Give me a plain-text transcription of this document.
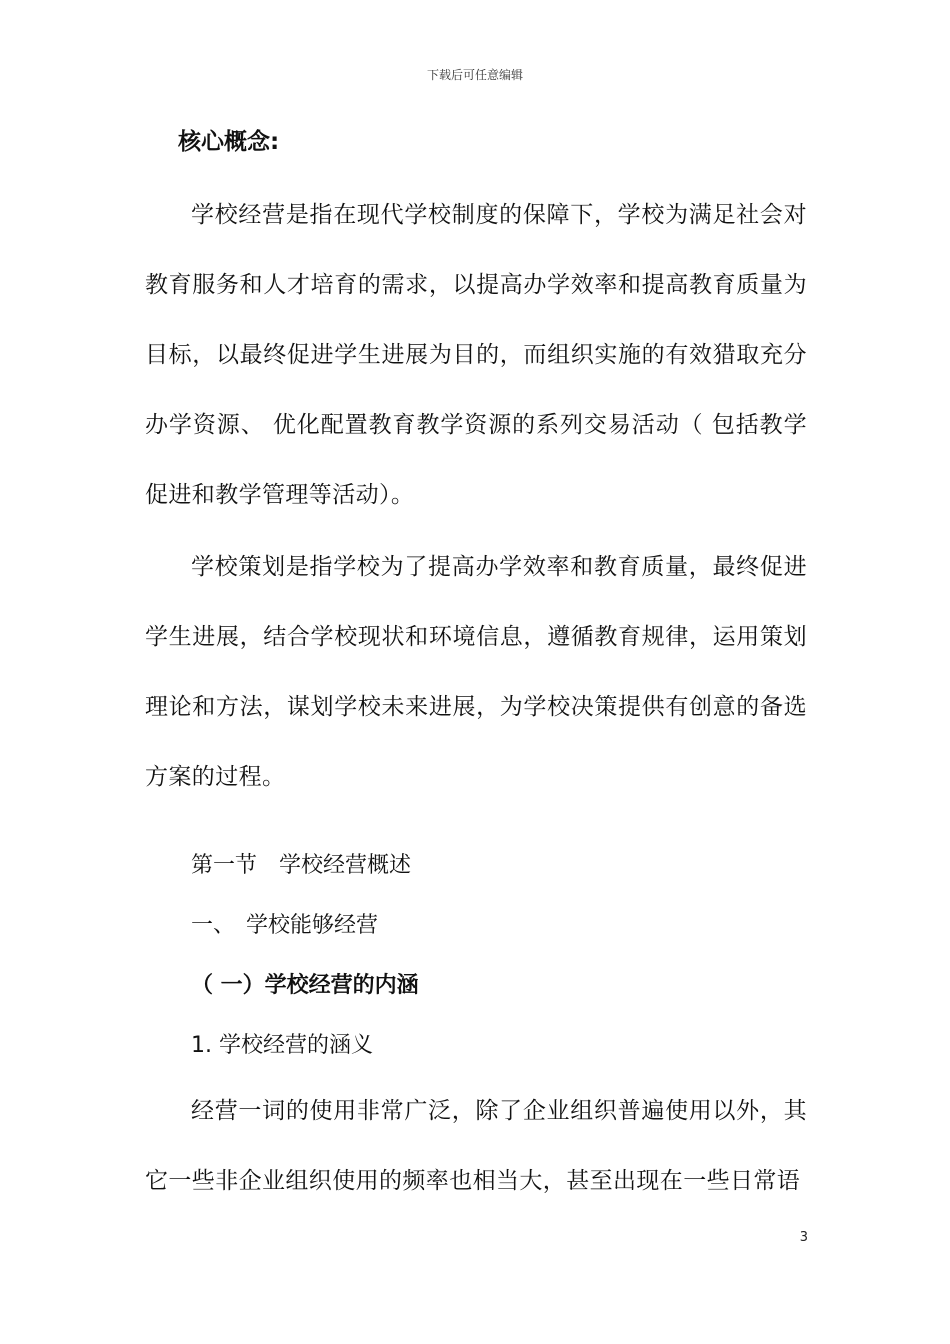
下载后可任意编辑

核心概念:

学校经营是指在现代学校制度的保障下，学校为满足社会对教育服务和人才培育的需求，以提高办学效率和提高教育质量为目标，以最终促进学生进展为目的，而组织实施的有效猎取充分办学资源、 优化配置教育教学资源的系列交易活动（ 包括教学促进和教学管理等活动）。

学校策划是指学校为了提高办学效率和教育质量，最终促进学生进展，结合学校现状和环境信息，遵循教育规律，运用策划理论和方法，谋划学校未来进展，为学校决策提供有创意的备选方案的过程。

第一节　学校经营概述

一、　学校能够经营

（ 一）学校经营的内涵

1. 学校经营的涵义

经营一词的使用非常广泛，除了企业组织普遍使用以外，其它一些非企业组织使用的频率也相当大，甚至出现在一些日常语

3
